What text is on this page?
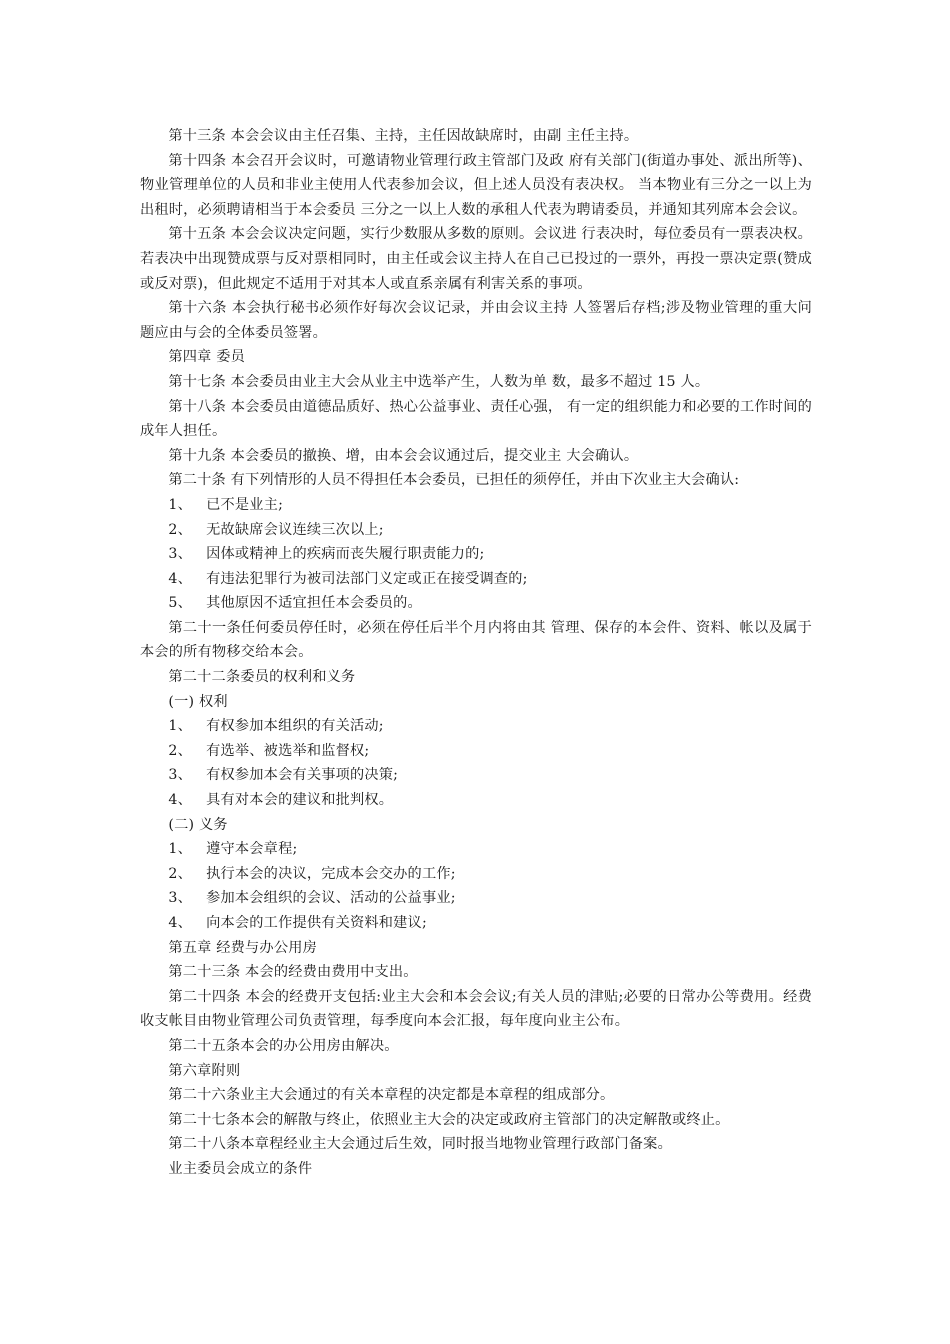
第十三条 本会会议由主任召集、主持，主任因故缺席时，由副 主任主持。

第十四条 本会召开会议时，可邀请物业管理行政主管部门及政 府有关部门(街道办事处、派出所等)、物业管理单位的人员和非业主使用人代表参加会议，但上述人员没有表决权。 当本物业有三分之一以上为出租时，必须聘请相当于本会委员 三分之一以上人数的承租人代表为聘请委员，并通知其列席本会会议。

第十五条 本会会议决定问题，实行少数服从多数的原则。会议进 行表决时，每位委员有一票表决权。若表决中出现赞成票与反对票相同时，由主任或会议主持人在自己已投过的一票外，再投一票决定票(赞成或反对票)，但此规定不适用于对其本人或直系亲属有利害关系的事项。

第十六条 本会执行秘书必须作好每次会议记录，并由会议主持 人签署后存档;涉及物业管理的重大问题应由与会的全体委员签署。

第四章 委员

第十七条 本会委员由业主大会从业主中选举产生，人数为单 数，最多不超过 15 人。

第十八条 本会委员由道德品质好、热心公益事业、责任心强， 有一定的组织能力和必要的工作时间的成年人担任。

第十九条 本会委员的撤换、增，由本会会议通过后，提交业主 大会确认。

第二十条 有下列情形的人员不得担任本会委员，已担任的须停任，并由下次业主大会确认:

1、   已不是业主;

2、   无故缺席会议连续三次以上;

3、   因体或精神上的疾病而丧失履行职责能力的;

4、   有违法犯罪行为被司法部门义定或正在接受调查的;

5、   其他原因不适宜担任本会委员的。

第二十一条任何委员停任时，必须在停任后半个月内将由其 管理、保存的本会件、资料、帐以及属于本会的所有物移交给本会。

第二十二条委员的权利和义务

(一) 权利

1、   有权参加本组织的有关活动;

2、   有选举、被选举和监督权;

3、   有权参加本会有关事项的决策;

4、   具有对本会的建议和批判权。

(二) 义务

1、   遵守本会章程;

2、   执行本会的决议，完成本会交办的工作;

3、   参加本会组织的会议、活动的公益事业;

4、   向本会的工作提供有关资料和建议;

第五章 经费与办公用房

第二十三条 本会的经费由费用中支出。

第二十四条 本会的经费开支包括:业主大会和本会会议;有关人员的津贴;必要的日常办公等费用。经费收支帐目由物业管理公司负责管理，每季度向本会汇报，每年度向业主公布。

第二十五条本会的办公用房由解决。

第六章附则

第二十六条业主大会通过的有关本章程的决定都是本章程的组成部分。

第二十七条本会的解散与终止，依照业主大会的决定或政府主管部门的决定解散或终止。

第二十八条本章程经业主大会通过后生效，同时报当地物业管理行政部门备案。

业主委员会成立的条件
